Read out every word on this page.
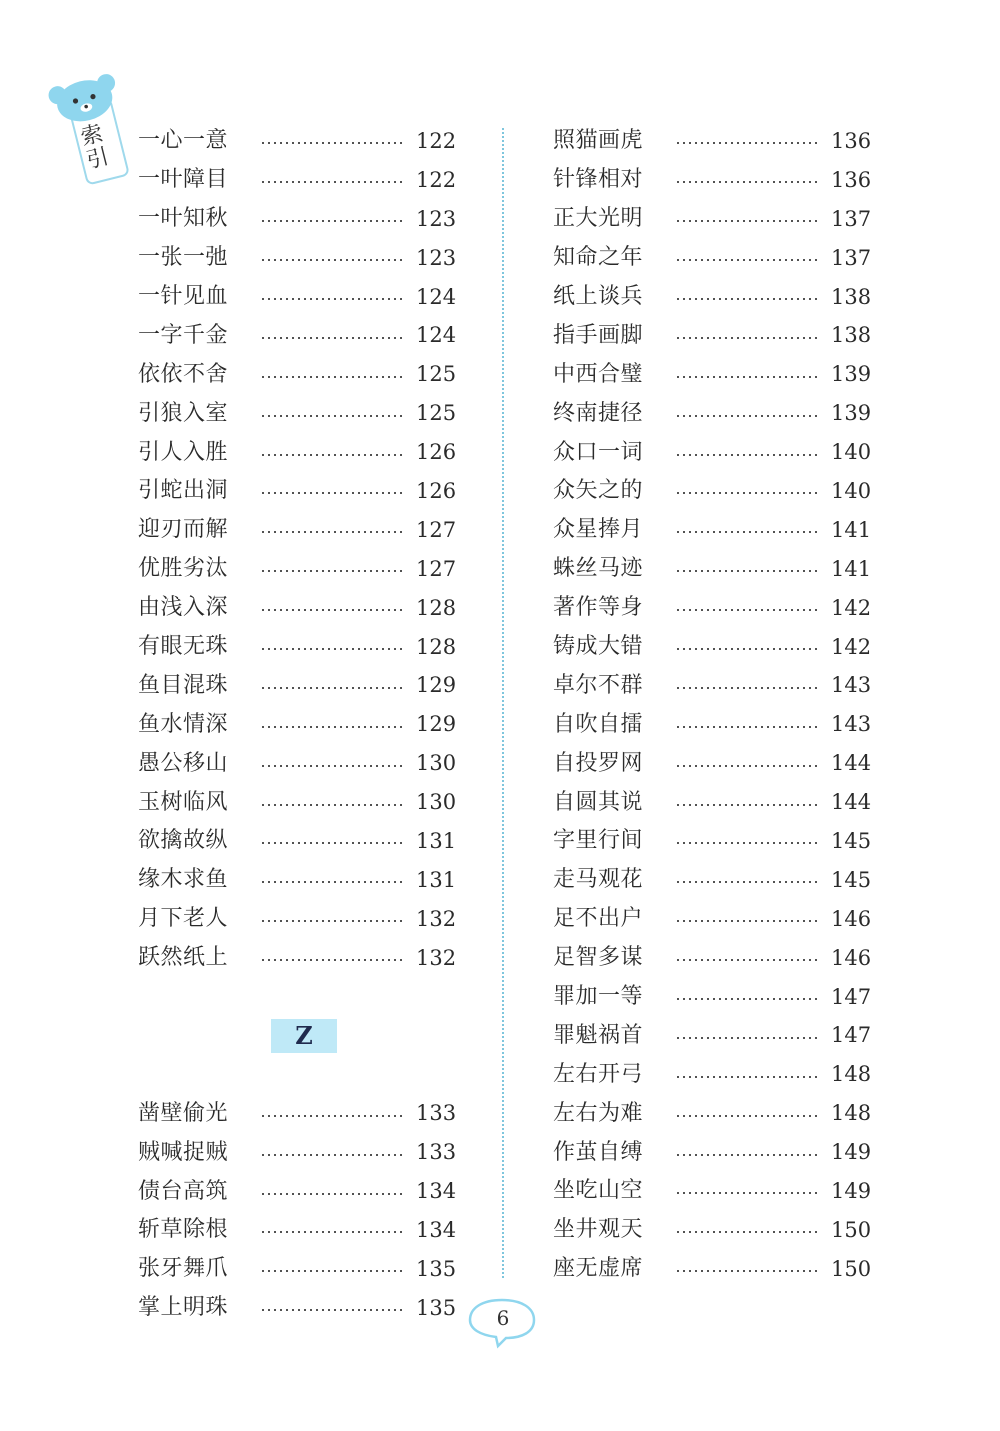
索
引
一心一意	122
一叶障目	122
一叶知秋	123
一张一弛	123
一针见血	124
一字千金	124
依依不舍	125
引狼入室	125
引人入胜	126
引蛇出洞	126
迎刃而解	127
优胜劣汰	127
由浅入深	128
有眼无珠	128
鱼目混珠	129
鱼水情深	129
愚公移山	130
玉树临风	130
欲擒故纵	131
缘木求鱼	131
月下老人	132
跃然纸上	132
Z
凿壁偷光	133
贼喊捉贼	133
债台高筑	134
斩草除根	134
张牙舞爪	135
掌上明珠	135
照猫画虎	136
针锋相对	136
正大光明	137
知命之年	137
纸上谈兵	138
指手画脚	138
中西合璧	139
终南捷径	139
众口一词	140
众矢之的	140
众星捧月	141
蛛丝马迹	141
著作等身	142
铸成大错	142
卓尔不群	143
自吹自擂	143
自投罗网	144
自圆其说	144
字里行间	145
走马观花	145
足不出户	146
足智多谋	146
罪加一等	147
罪魁祸首	147
左右开弓	148
左右为难	148
作茧自缚	149
坐吃山空	149
坐井观天	150
座无虚席	150
6
